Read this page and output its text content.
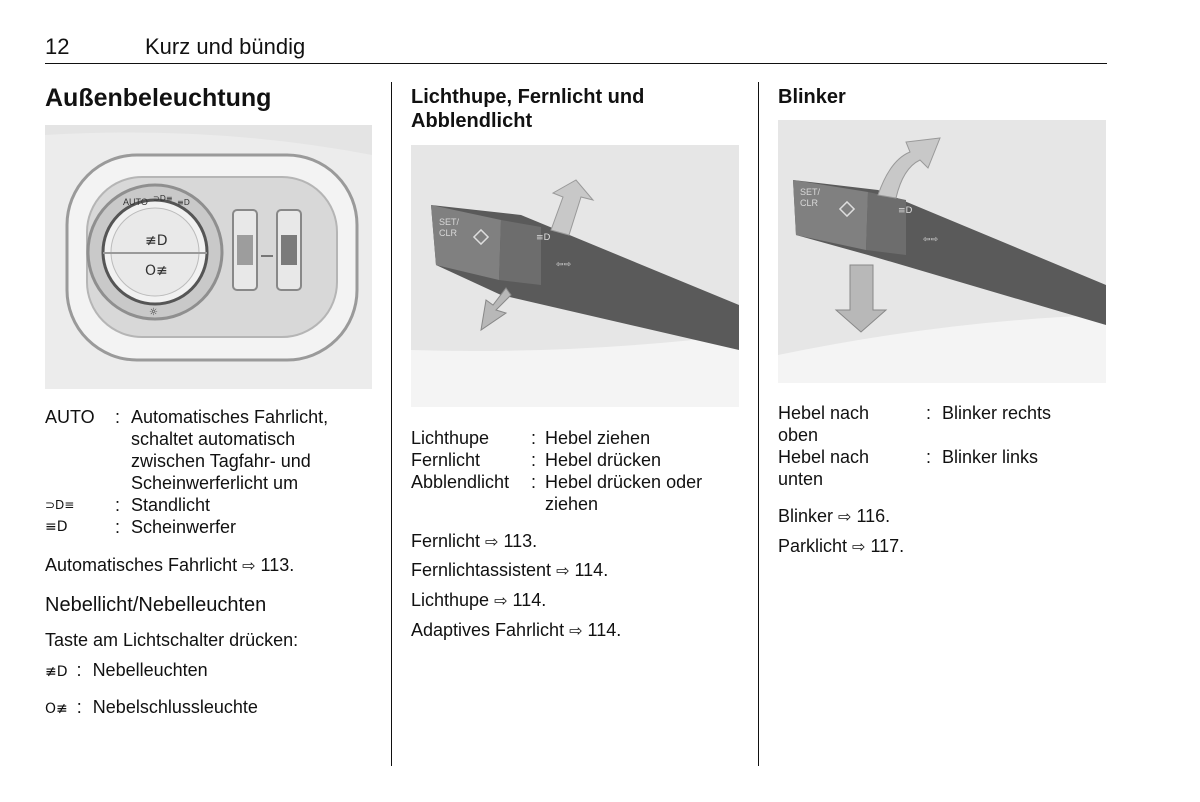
12	Kurz und bündig
Außenbeleuchtung
≢D
O≢
AUTO ⊃D≡ ≡D
☼
AUTO	:	Automatisches Fahrlicht, schaltet automatisch zwischen Tagfahr- und Scheinwerferlicht um
⊃D≡	:	Standlicht
≡D	:	Scheinwerfer
Automatisches Fahrlicht ⇨ 113.
Nebellicht/Nebelleuchten
Taste am Lichtschalter drücken:
≢D : Nebelleuchten
O≢ : Nebelschlussleuchte
Lichthupe, Fernlicht und Abblendlicht
SET/
CLR	≡D
⇦⇨
Lichthupe	:	Hebel ziehen
Fernlicht	:	Hebel drücken
Abblendlicht	:	Hebel drücken oder ziehen
Fernlicht ⇨ 113.
Fernlichtassistent ⇨ 114.
Lichthupe ⇨ 114.
Adaptives Fahrlicht ⇨ 114.
Blinker
SET/
CLR
≡D
⇦⇨
Hebel nach oben	:	Blinker rechts
Hebel nach unten	:	Blinker links
Blinker ⇨ 116.
Parklicht ⇨ 117.
